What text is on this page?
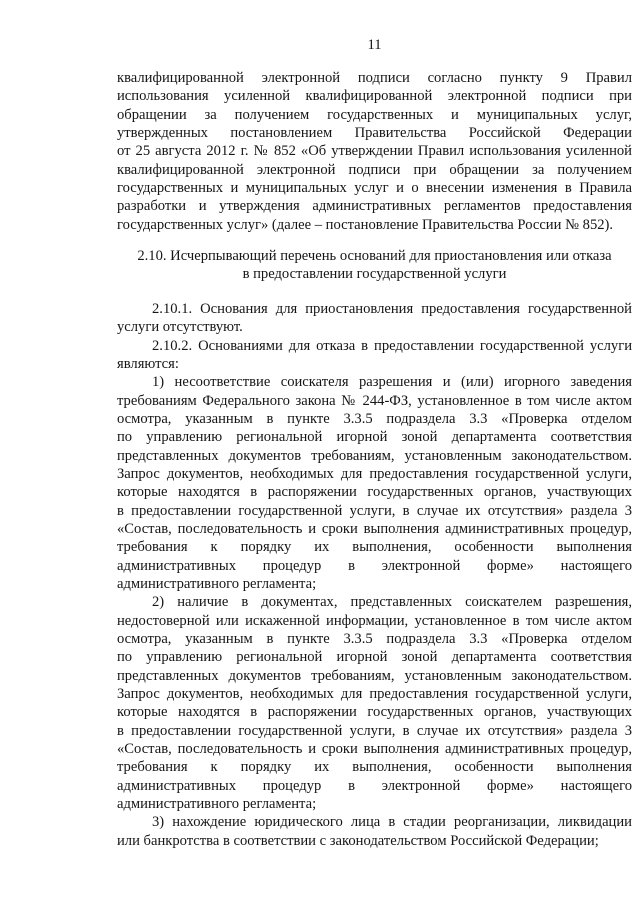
11
квалифицированной электронной подписи согласно пункту 9 Правил
использования усиленной квалифицированной электронной подписи при
обращении за получением государственных и муниципальных услуг,
утвержденных постановлением Правительства Российской Федерации
от 25 августа 2012 г. № 852 «Об утверждении Правил использования усиленной
квалифицированной электронной подписи при обращении за получением
государственных и муниципальных услуг и о внесении изменения в Правила
разработки и утверждения административных регламентов предоставления
государственных услуг» (далее – постановление Правительства России № 852).
2.10. Исчерпывающий перечень оснований для приостановления или отказа
в предоставлении государственной услуги
2.10.1. Основания для приостановления предоставления государственной
услуги отсутствуют.
2.10.2. Основаниями для отказа в предоставлении государственной услуги
являются:
1) несоответствие соискателя разрешения и (или) игорного заведения
требованиям Федерального закона № 244-ФЗ, установленное в том числе актом
осмотра, указанным в пункте 3.3.5 подраздела 3.3 «Проверка отделом
по управлению региональной игорной зоной департамента соответствия
представленных документов требованиям, установленным законодательством.
Запрос документов, необходимых для предоставления государственной услуги,
которые находятся в распоряжении государственных органов, участвующих
в предоставлении государственной услуги, в случае их отсутствия» раздела 3
«Состав, последовательность и сроки выполнения административных процедур,
требования к порядку их выполнения, особенности выполнения
административных процедур в электронной форме» настоящего
административного регламента;
2) наличие в документах, представленных соискателем разрешения,
недостоверной или искаженной информации, установленное в том числе актом
осмотра, указанным в пункте 3.3.5 подраздела 3.3 «Проверка отделом
по управлению региональной игорной зоной департамента соответствия
представленных документов требованиям, установленным законодательством.
Запрос документов, необходимых для предоставления государственной услуги,
которые находятся в распоряжении государственных органов, участвующих
в предоставлении государственной услуги, в случае их отсутствия» раздела 3
«Состав, последовательность и сроки выполнения административных процедур,
требования к порядку их выполнения, особенности выполнения
административных процедур в электронной форме» настоящего
административного регламента;
3) нахождение юридического лица в стадии реорганизации, ликвидации
или банкротства в соответствии с законодательством Российской Федерации;
